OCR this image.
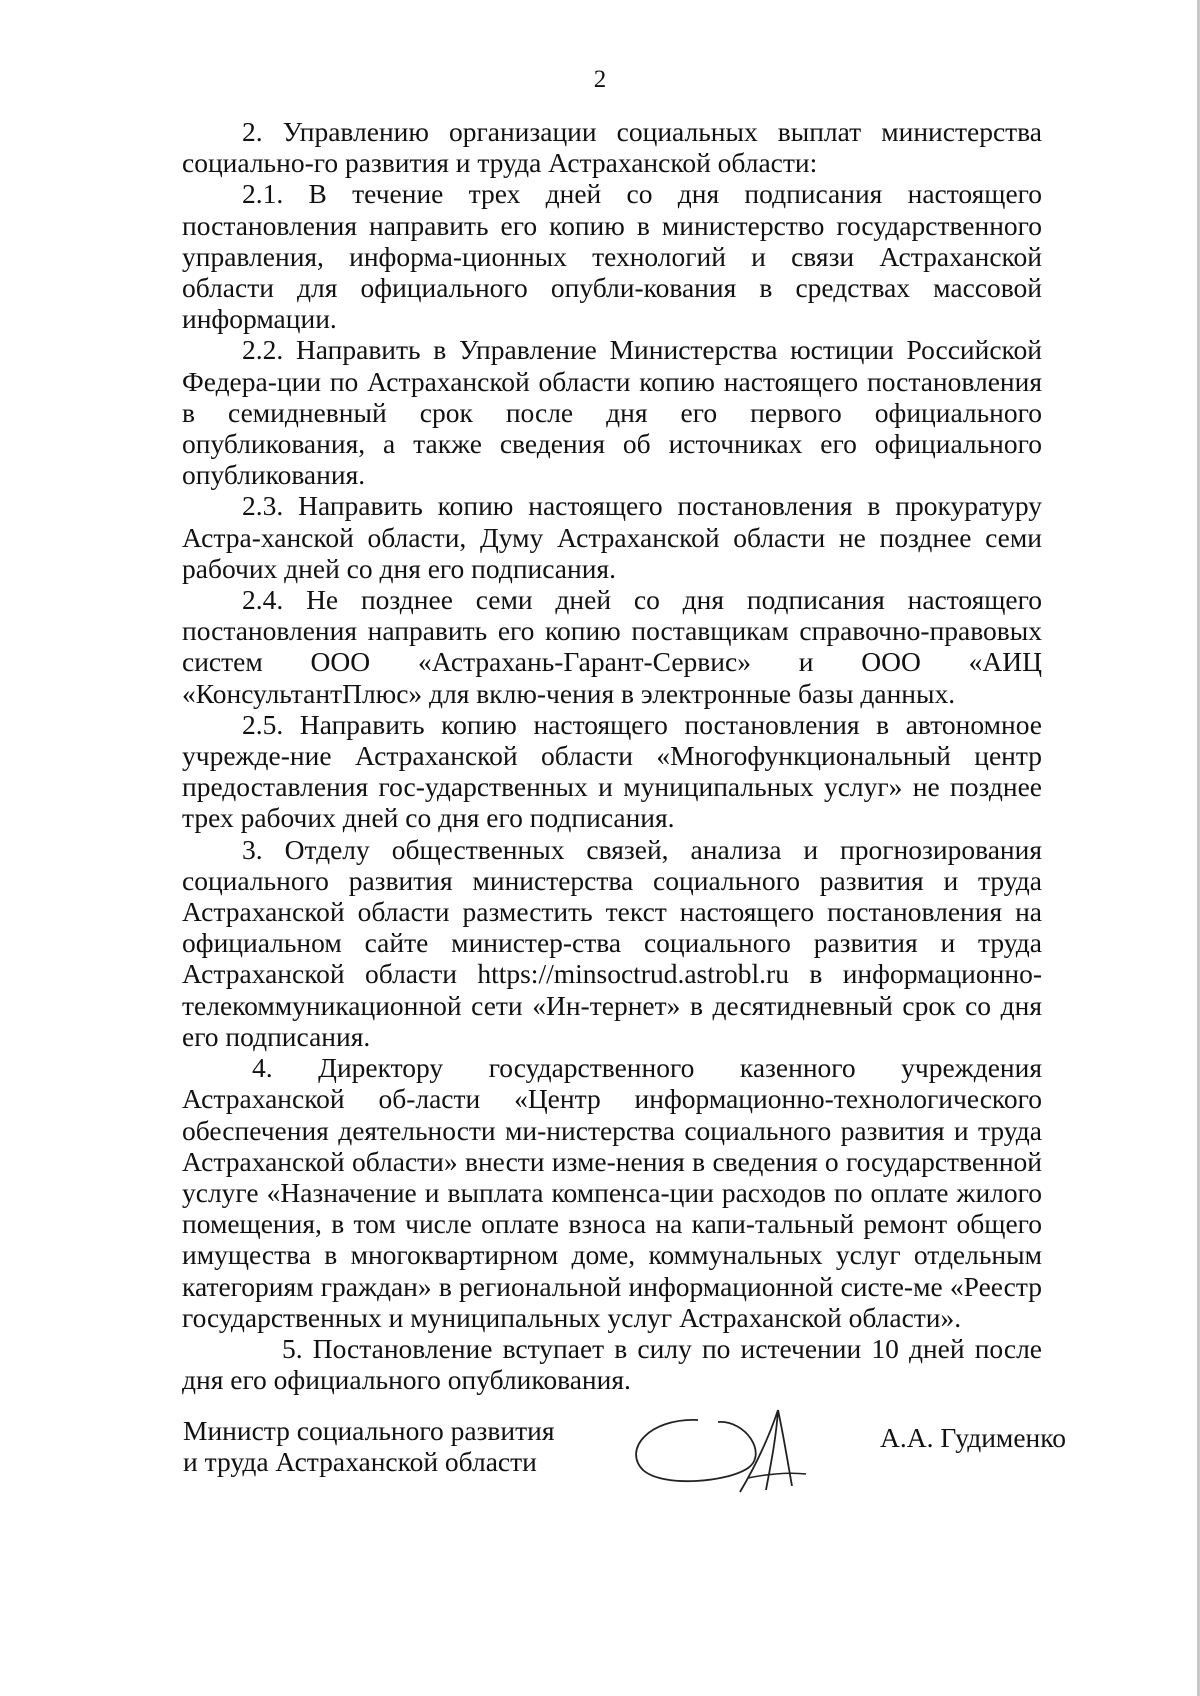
2

2. Управлению организации социальных выплат министерства социально-го развития и труда Астраханской области:

2.1. В течение трех дней со дня подписания настоящего постановления направить его копию в министерство государственного управления, информа-ционных технологий и связи Астраханской области для официального опубли-кования в средствах массовой информации.

2.2. Направить в Управление Министерства юстиции Российской Федера-ции по Астраханской области копию настоящего постановления в семидневный срок после дня его первого официального опубликования, а также сведения об источниках его официального опубликования.

2.3. Направить копию настоящего постановления в прокуратуру Астра-ханской области, Думу Астраханской области не позднее семи рабочих дней со дня его подписания.

2.4. Не позднее семи дней со дня подписания настоящего постановления направить его копию поставщикам справочно-правовых систем ООО «Астрахань-Гарант-Сервис» и ООО «АИЦ «КонсультантПлюс» для вклю-чения в электронные базы данных.

2.5. Направить копию настоящего постановления в автономное учрежде-ние Астраханской области «Многофункциональный центр предоставления гос-ударственных и муниципальных услуг» не позднее трех рабочих дней со дня его подписания.

3. Отделу общественных связей, анализа и прогнозирования социального развития министерства социального развития и труда Астраханской области разместить текст настоящего постановления на официальном сайте министер-ства социального развития и труда Астраханской области https://minsoctrud.astrobl.ru в информационно-телекоммуникационной сети «Ин-тернет» в десятидневный срок со дня его подписания.

4. Директору государственного казенного учреждения Астраханской об-ласти «Центр информационно-технологического обеспечения деятельности ми-нистерства социального развития и труда Астраханской области» внести изме-нения в сведения о государственной услуге «Назначение и выплата компенса-ции расходов по оплате жилого помещения, в том числе оплате взноса на капи-тальный ремонт общего имущества в многоквартирном доме, коммунальных услуг отдельным категориям граждан» в региональной информационной систе-ме «Реестр государственных и муниципальных услуг Астраханской области».

5. Постановление вступает в силу по истечении 10 дней после дня его официального опубликования.

Министр социального развития
и труда Астраханской области
А.А. Гудименко
